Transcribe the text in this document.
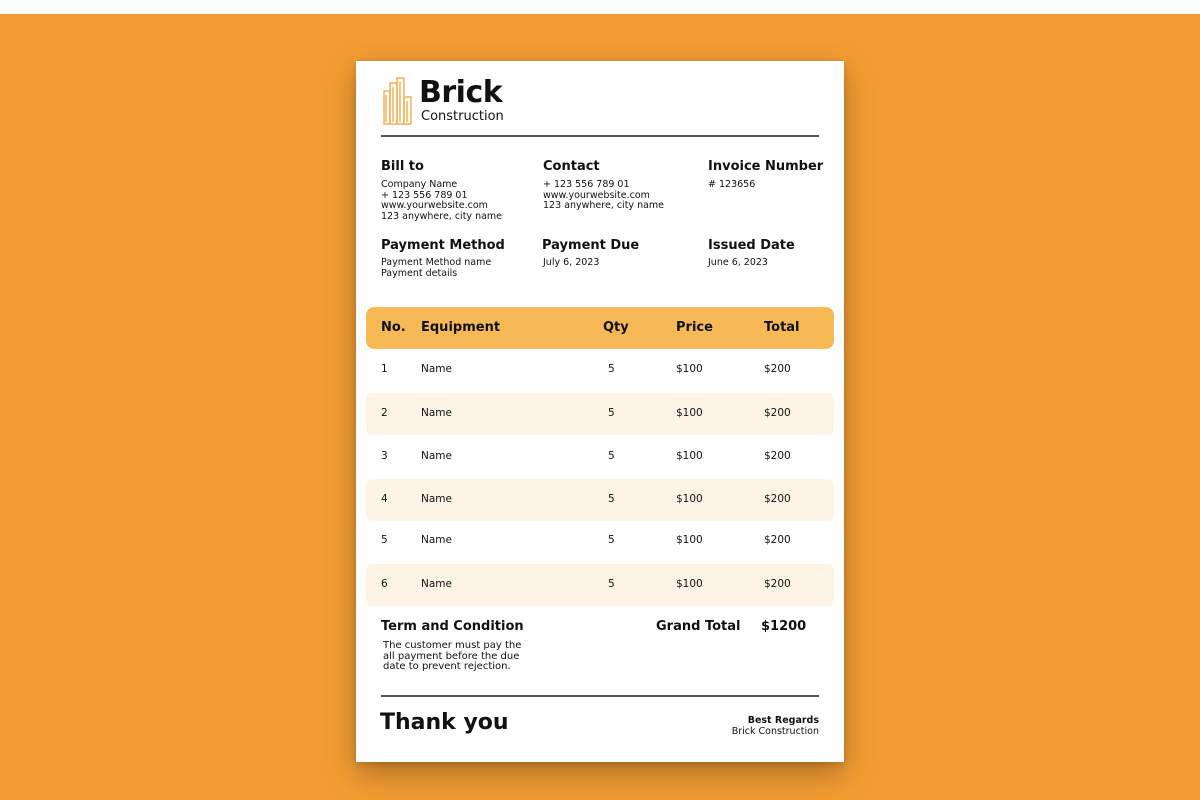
Brick
Construction
Bill to
Company Name
+ 123 556 789 01
www.yourwebsite.com
123 anywhere, city name
Contact
+ 123 556 789 01
www.yourwebsite.com
123 anywhere, city name
Invoice Number
# 123656
Payment Method
Payment Method name
Payment details
Payment Due
July 6, 2023
Issued Date
June 6, 2023
No. Equipment	Qty	Price	Total
1	Name	5	$100	$200
2	Name	5	$100	$200
3	Name	5	$100	$200
4	Name	5	$100	$200
5	Name	5	$100	$200
6	Name	5	$100	$200
Term and Condition
The customer must pay the
all payment before the due
date to prevent rejection.
Grand Total $1200
Thank you	Best Regards
Brick Construction
